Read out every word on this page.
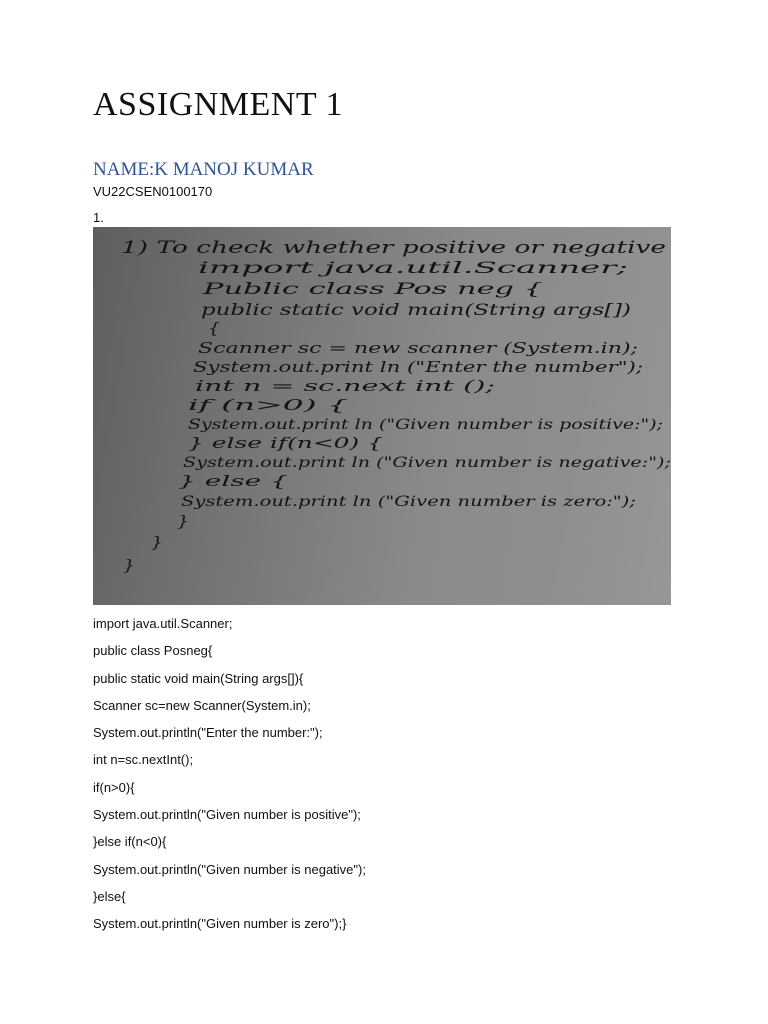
ASSIGNMENT 1
NAME:K MANOJ KUMAR
VU22CSEN0100170
1.
1) To check whether positive or negative
import java.util.Scanner;
Public class Pos neg {
public static void main(String args[])
{
Scanner sc = new scanner (System.in);
System.out.print ln ("Enter the number");
int n = sc.next int ();
if (n>0) {
System.out.print ln ("Given number is positive:");
} else if(n<0) {
System.out.print ln ("Given number is negative:");
} else {
System.out.print ln ("Given number is zero:");
}
}
}
import java.util.Scanner;
public class Posneg{
public static void main(String args[]){
Scanner sc=new Scanner(System.in);
System.out.println("Enter the number:");
int n=sc.nextInt();
if(n>0){
System.out.println("Given number is positive");
}else if(n<0){
System.out.println("Given number is negative");
}else{
System.out.println("Given number is zero");}
